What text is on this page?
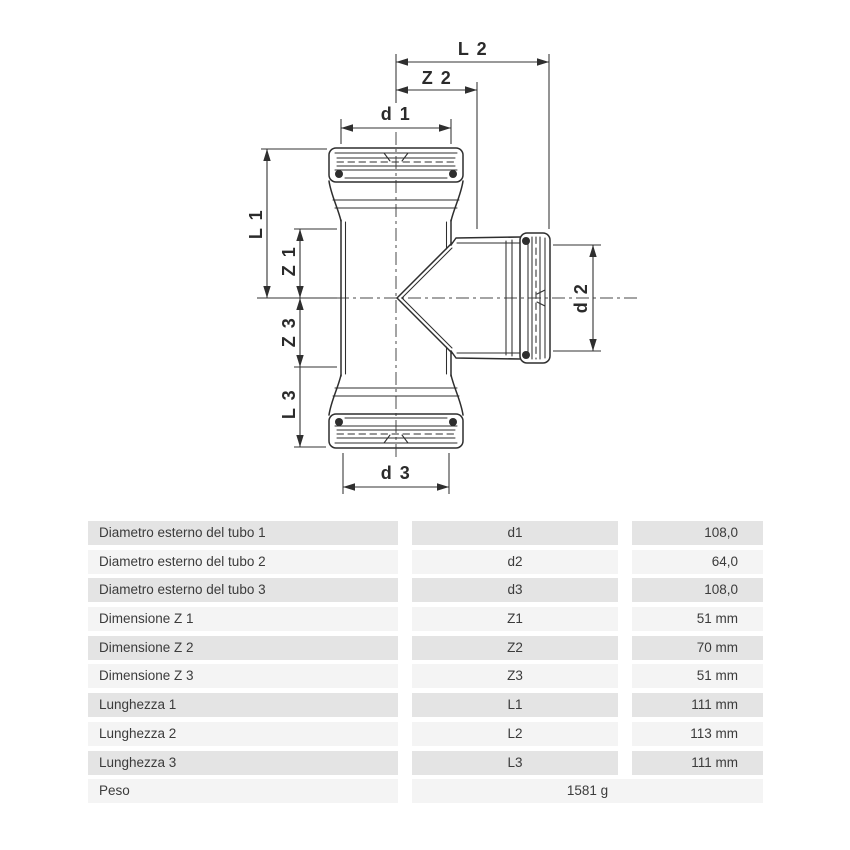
L 2
Z 2
d 1
d 3
L 1
Z 1
Z 3
L 3
d 2
Diametro esterno del tubo 1	d1	108,0
Diametro esterno del tubo 2	d2	64,0
Diametro esterno del tubo 3	d3	108,0
Dimensione Z 1	Z1	51 mm
Dimensione Z 2	Z2	70 mm
Dimensione Z 3	Z3	51 mm
Lunghezza 1	L1	111 mm
Lunghezza 2	L2	113 mm
Lunghezza 3	L3	111 mm
Peso	1581 g
